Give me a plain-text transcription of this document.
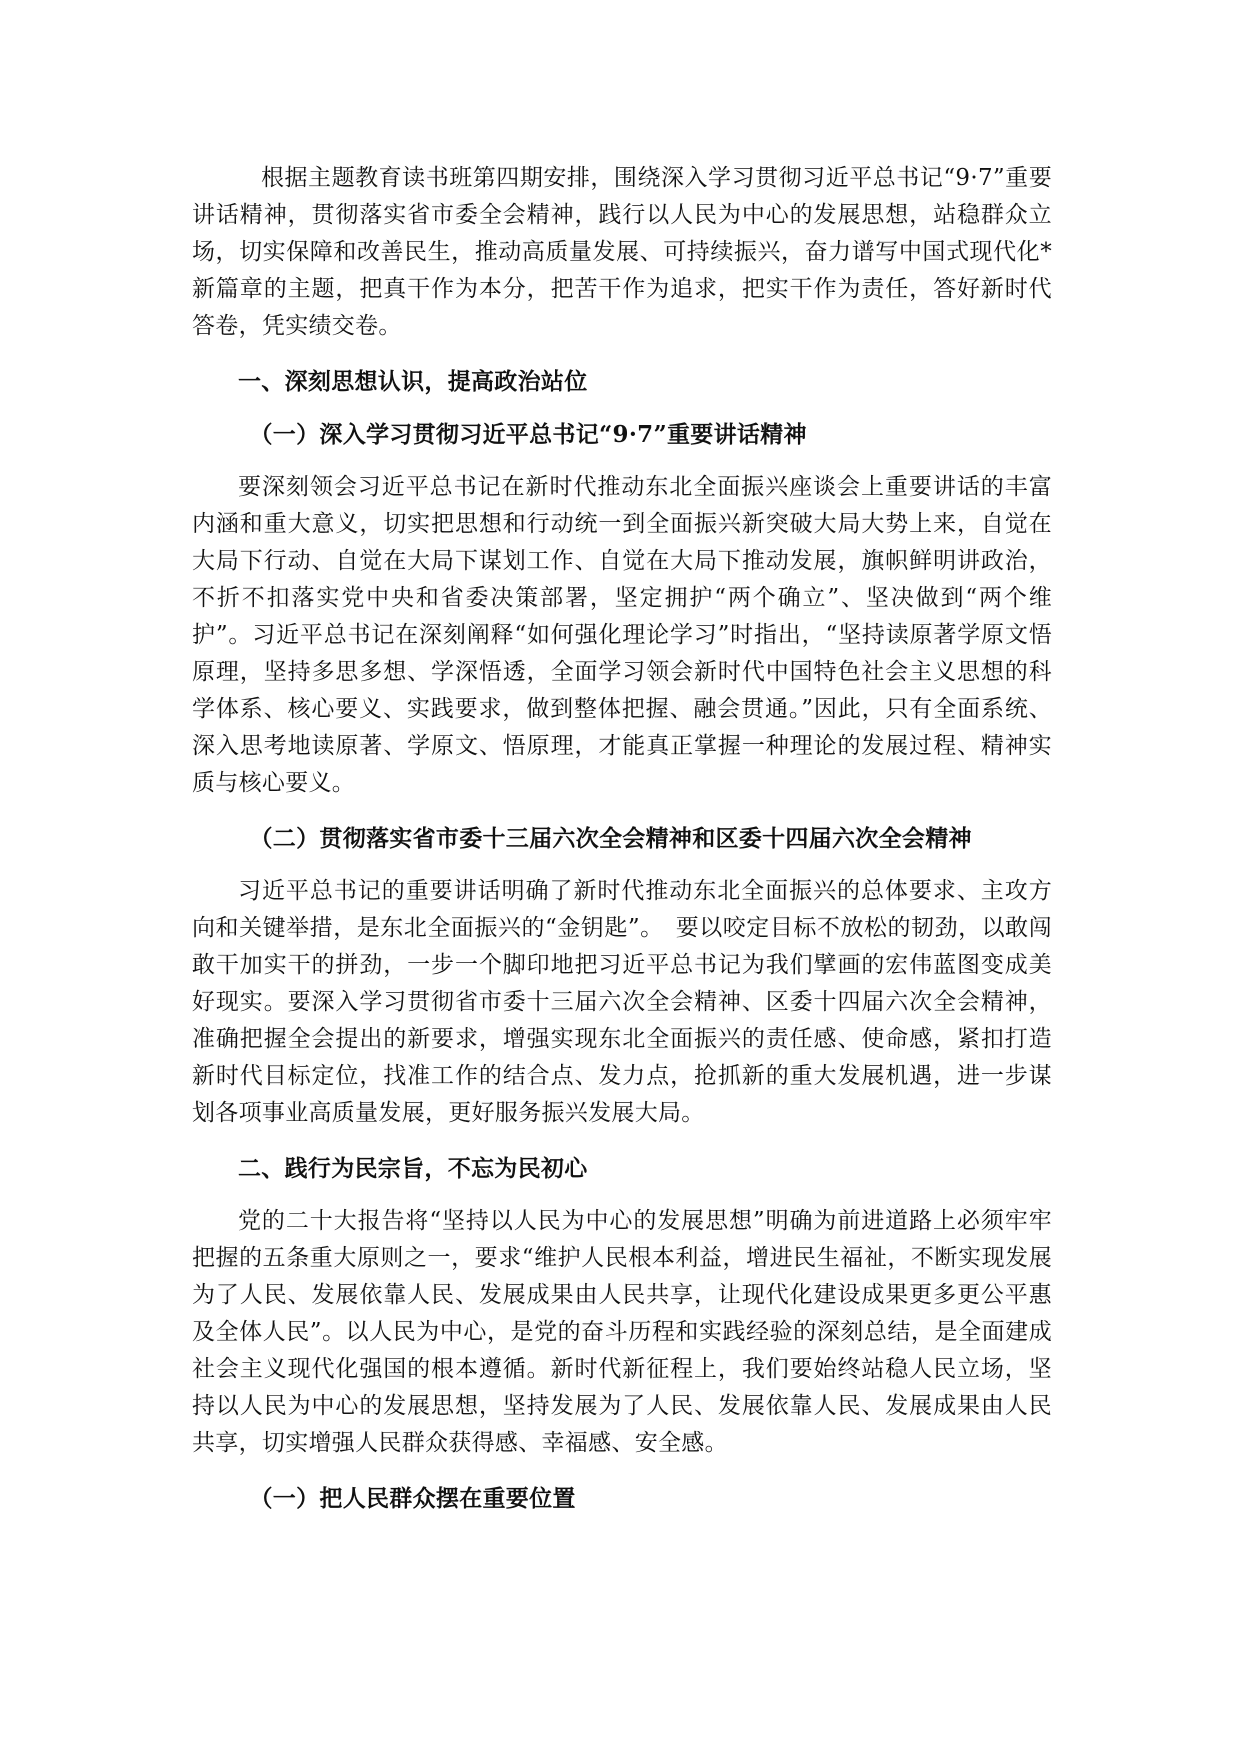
根据主题教育读书班第四期安排，围绕深入学习贯彻习近平总书记“9·7”重要讲话精神，贯彻落实省市委全会精神，践行以人民为中心的发展思想，站稳群众立场，切实保障和改善民生，推动高质量发展、可持续振兴，奋力谱写中国式现代化*新篇章的主题，把真干作为本分，把苦干作为追求，把实干作为责任，答好新时代答卷，凭实绩交卷。

一、深刻思想认识，提高政治站位

（一）深入学习贯彻习近平总书记“9·7”重要讲话精神

要深刻领会习近平总书记在新时代推动东北全面振兴座谈会上重要讲话的丰富内涵和重大意义，切实把思想和行动统一到全面振兴新突破大局大势上来，自觉在大局下行动、自觉在大局下谋划工作、自觉在大局下推动发展，旗帜鲜明讲政治，不折不扣落实党中央和省委决策部署，坚定拥护“两个确立”、坚决做到“两个维护”。习近平总书记在深刻阐释“如何强化理论学习”时指出，“坚持读原著学原文悟原理，坚持多思多想、学深悟透，全面学习领会新时代中国特色社会主义思想的科学体系、核心要义、实践要求，做到整体把握、融会贯通。”因此，只有全面系统、深入思考地读原著、学原文、悟原理，才能真正掌握一种理论的发展过程、精神实质与核心要义。

（二）贯彻落实省市委十三届六次全会精神和区委十四届六次全会精神

习近平总书记的重要讲话明确了新时代推动东北全面振兴的总体要求、主攻方向和关键举措，是东北全面振兴的“金钥匙”。　要以咬定目标不放松的韧劲，以敢闯敢干加实干的拼劲，一步一个脚印地把习近平总书记为我们擘画的宏伟蓝图变成美好现实。要深入学习贯彻省市委十三届六次全会精神、区委十四届六次全会精神，准确把握全会提出的新要求，增强实现东北全面振兴的责任感、使命感，紧扣打造新时代目标定位，找准工作的结合点、发力点，抢抓新的重大发展机遇，进一步谋划各项事业高质量发展，更好服务振兴发展大局。

二、践行为民宗旨，不忘为民初心

党的二十大报告将“坚持以人民为中心的发展思想”明确为前进道路上必须牢牢把握的五条重大原则之一，要求“维护人民根本利益，增进民生福祉，不断实现发展为了人民、发展依靠人民、发展成果由人民共享，让现代化建设成果更多更公平惠及全体人民”。以人民为中心，是党的奋斗历程和实践经验的深刻总结，是全面建成社会主义现代化强国的根本遵循。新时代新征程上，我们要始终站稳人民立场，坚持以人民为中心的发展思想，坚持发展为了人民、发展依靠人民、发展成果由人民共享，切实增强人民群众获得感、幸福感、安全感。

（一）把人民群众摆在重要位置
